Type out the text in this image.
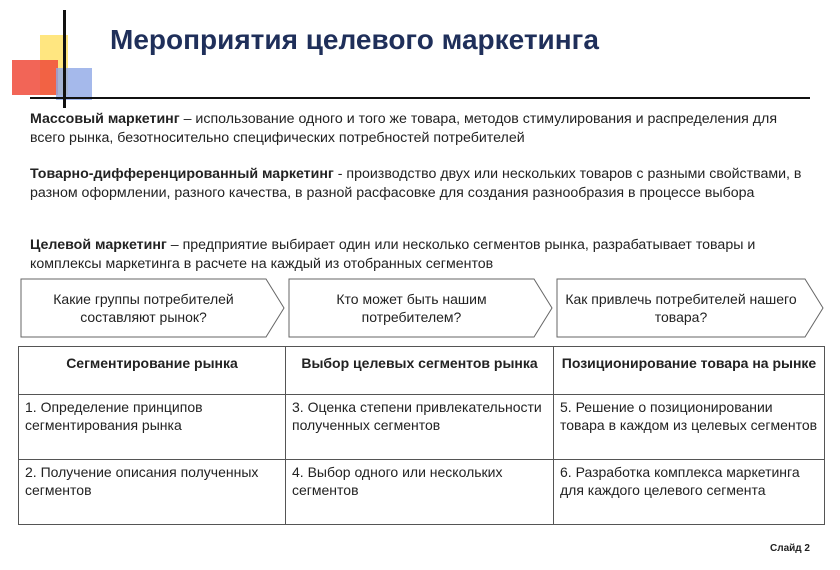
Мероприятия целевого маркетинга
Массовый маркетинг – использование одного и того же товара, методов стимулирования и распределения для всего рынка, безотносительно специфических потребностей потребителей
Товарно-дифференцированный маркетинг - производство двух или нескольких товаров с разными свойствами, в разном оформлении, разного качества, в разной расфасовке для создания разнообразия в процессе выбора
Целевой маркетинг – предприятие выбирает один или несколько сегментов рынка, разрабатывает товары и комплексы маркетинга в расчете на каждый из отобранных сегментов
Какие группы потребителей составляют рынок?
Кто может быть нашим потребителем?
Как привлечь потребителей нашего товара?
Сегментирование рынка	Выбор целевых сегментов рынка	Позиционирование товара на рынке
1. Определение принципов сегментирования рынка	3. Оценка степени привлекательности полученных сегментов	5. Решение о позиционировании товара в каждом из целевых сегментов
2. Получение описания полученных сегментов	4. Выбор одного или нескольких сегментов	6. Разработка комплекса маркетинга для каждого целевого сегмента
Слайд 2
